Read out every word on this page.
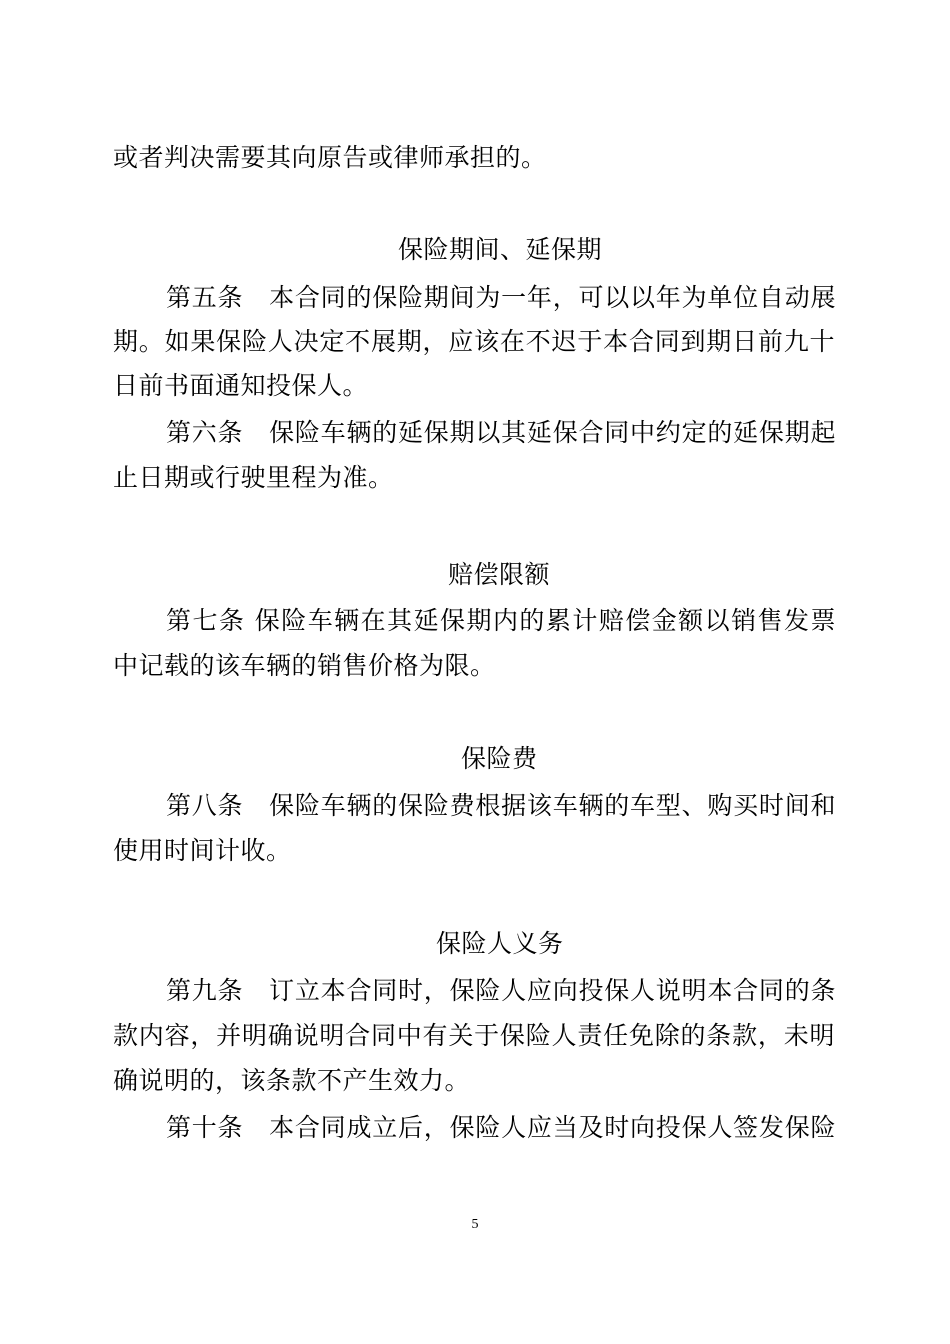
或者判决需要其向原告或律师承担的。
保险期间、延保期
第五条　本合同的保险期间为一年，可以以年为单位自动展
期。如果保险人决定不展期，应该在不迟于本合同到期日前九十
日前书面通知投保人。
第六条　保险车辆的延保期以其延保合同中约定的延保期起
止日期或行驶里程为准。
赔偿限额
第七条 保险车辆在其延保期内的累计赔偿金额以销售发票
中记载的该车辆的销售价格为限。
保险费
第八条　保险车辆的保险费根据该车辆的车型、购买时间和
使用时间计收。
保险人义务
第九条　订立本合同时，保险人应向投保人说明本合同的条
款内容，并明确说明合同中有关于保险人责任免除的条款，未明
确说明的，该条款不产生效力。
第十条　本合同成立后，保险人应当及时向投保人签发保险
5
